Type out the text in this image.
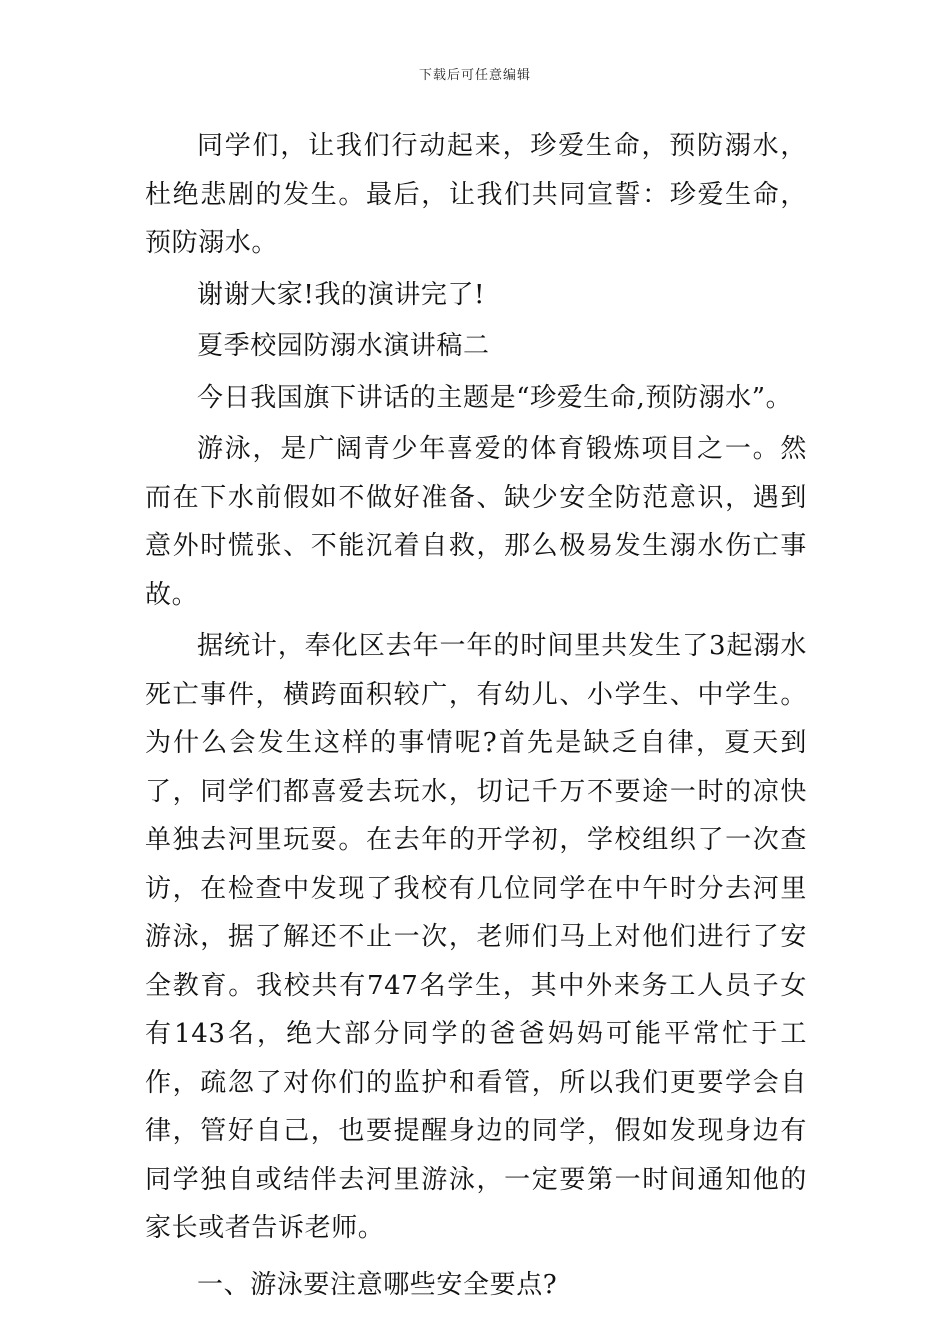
下载后可任意编辑

同学们，让我们行动起来，珍爱生命，预防溺水，杜绝悲剧的发生。最后，让我们共同宣誓：珍爱生命，预防溺水。

谢谢大家!我的演讲完了!

夏季校园防溺水演讲稿二

今日我国旗下讲话的主题是“珍爱生命,预防溺水”。

游泳，是广阔青少年喜爱的体育锻炼项目之一。然而在下水前假如不做好准备、缺少安全防范意识，遇到意外时慌张、不能沉着自救，那么极易发生溺水伤亡事故。

据统计，奉化区去年一年的时间里共发生了3起溺水死亡事件，横跨面积较广，有幼儿、小学生、中学生。为什么会发生这样的事情呢?首先是缺乏自律，夏天到了，同学们都喜爱去玩水，切记千万不要途一时的凉快单独去河里玩耍。在去年的开学初，学校组织了一次查访，在检查中发现了我校有几位同学在中午时分去河里游泳，据了解还不止一次，老师们马上对他们进行了安全教育。我校共有747名学生，其中外来务工人员子女有143名，绝大部分同学的爸爸妈妈可能平常忙于工作，疏忽了对你们的监护和看管，所以我们更要学会自律，管好自己，也要提醒身边的同学，假如发现身边有同学独自或结伴去河里游泳，一定要第一时间通知他的家长或者告诉老师。

一、游泳要注意哪些安全要点?
